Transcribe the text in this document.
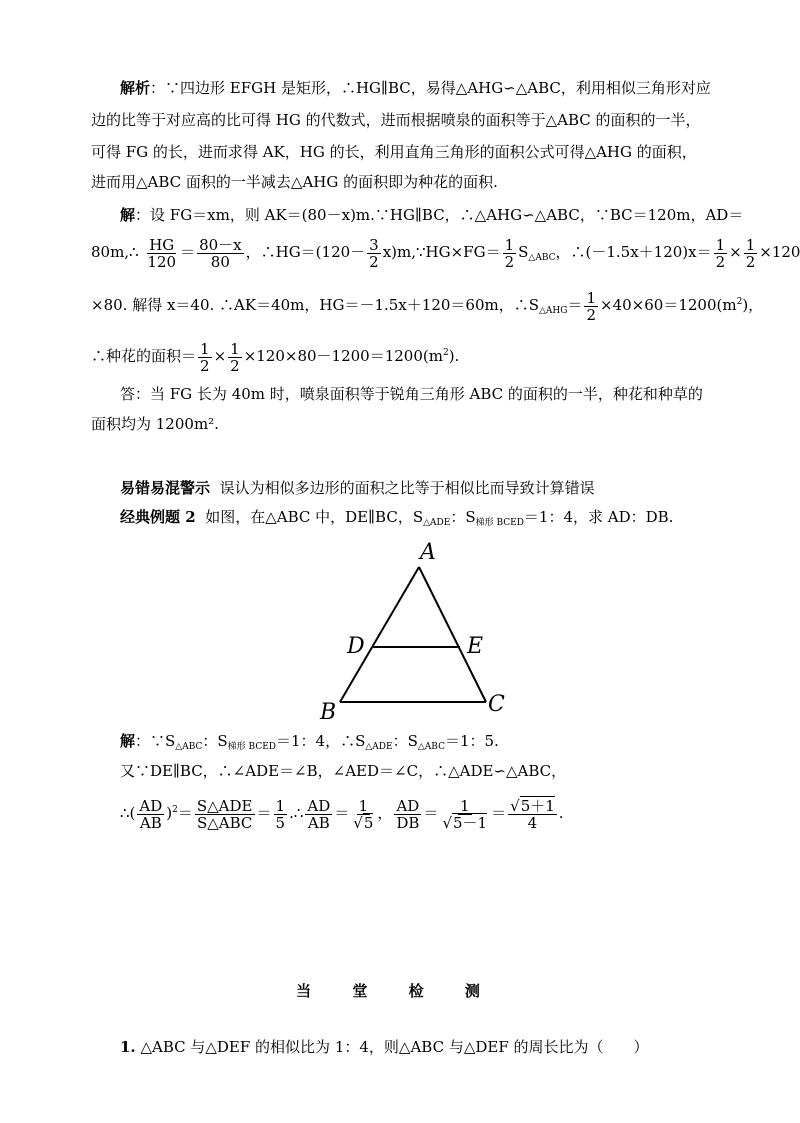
解析：∵四边形 EFGH 是矩形，∴HG∥BC，易得△AHG∽△ABC，利用相似三角形对应
边的比等于对应高的比可得 HG 的代数式，进而根据喷泉的面积等于△ABC 的面积的一半，
可得 FG 的长，进而求得 AK，HG 的长，利用直角三角形的面积公式可得△AHG 的面积，
进而用△ABC 面积的一半减去△AHG 的面积即为种花的面积.
解：设 FG＝xm，则 AK＝(80－x)m.∵HG∥BC，∴△AHG∽△ABC，∵BC＝120m，AD＝
80m,∴ $\frac{HG}{120} = \frac{80-x}{80}$ ，∴HG＝(120－ $\frac{3}{2}$ x)m,∵HG×FG＝ $\frac{1}{2} S_{\triangle ABC}$，∴(－1.5x＋120)x＝ $\frac{1}{2} \times \frac{1}{2} \times 120$
×80. 解得 x＝40. ∴AK＝40m，HG＝－1.5x＋120＝60m，$\therefore S_{\triangle AHG}= \frac{1}{2} \times 40\times 60=1200(m^2)$，
∴种花的面积＝ $\frac{1}{2} \times \frac{1}{2} \times 120\times 80-1200=1200(m^2)$.
答：当 FG 长为 40m 时，喷泉面积等于锐角三角形 ABC 的面积的一半，种花和种草的
面积均为 1200m².
易错易混警示 误认为相似多边形的面积之比等于相似比而导致计算错误
经典例题 2 如图，在△ABC 中，DE∥BC，$S_{\triangle ADE}$：$S_{梯形 BCED}=1$：4，求 AD：DB.
A
B	C
D	E
解：$\because S_{\triangle ABC}$：$S_{梯形 BCED}=1$：4，$\therefore S_{\triangle ADE}$：$S_{\triangle ABC}=1$：5.
又∵DE∥BC，∴∠ADE＝∠B，∠AED＝∠C，∴△ADE∽△ABC，
∴( $\frac{AD}{AB} )^2= \frac{\text{S△ADE}}{\text{S△ABC}} = \frac{1}{5}$ .∴ $\frac{AD}{AB} = \frac{1}{√5}$ ， $\frac{AD}{DB} = \frac{1}{√5-1} = \frac{√5+1}{4}$ .
当 堂 检 测
1. △ABC 与△DEF 的相似比为 1：4，则△ABC 与△DEF 的周长比为（　　）
